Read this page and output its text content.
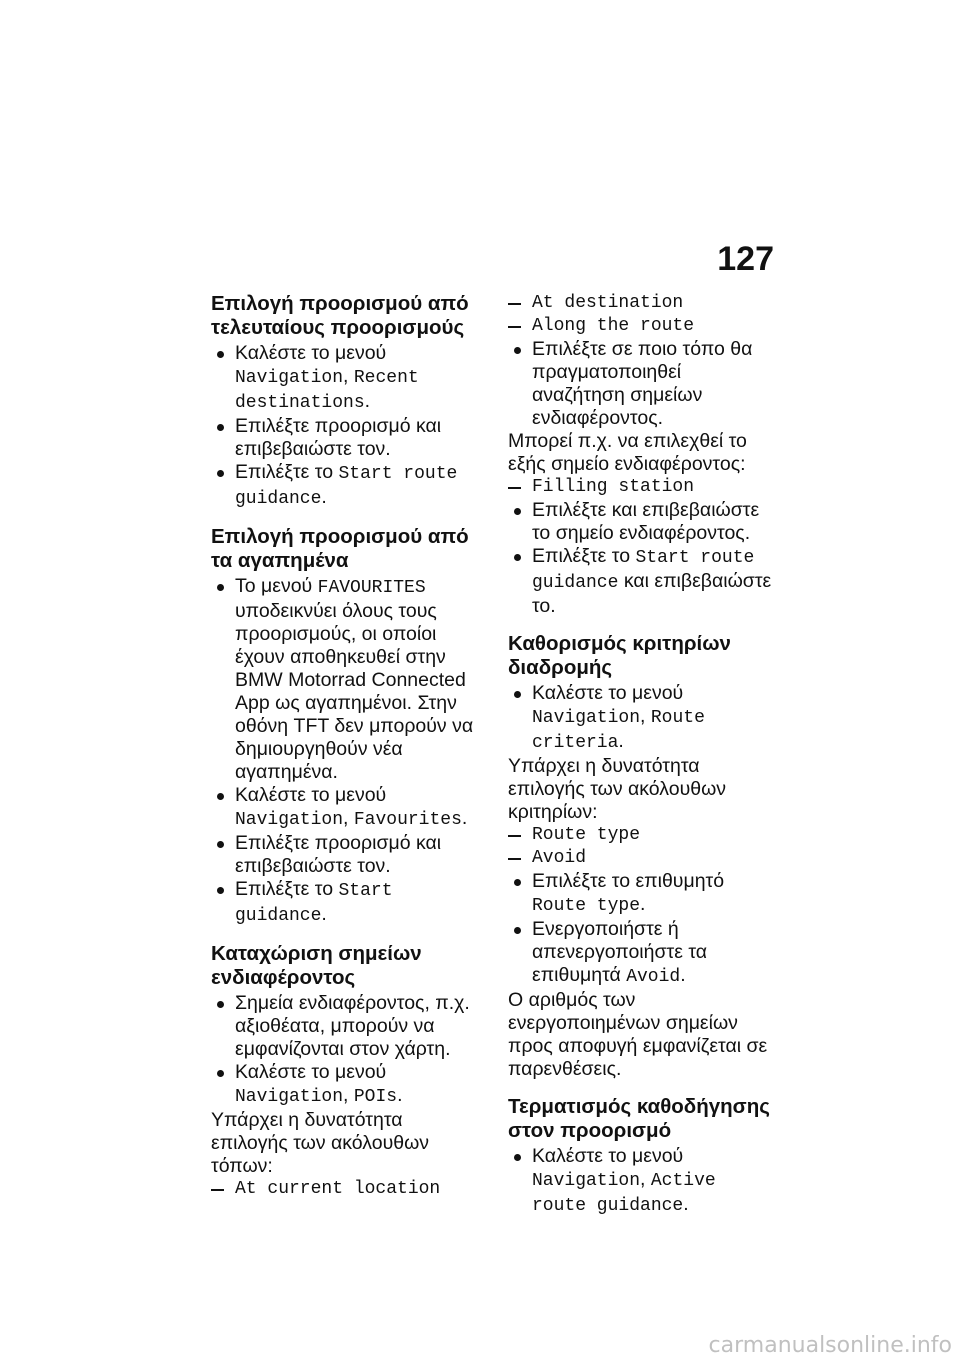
127
Επιλογή προορισμού από τελευταίους προορισμούς
Καλέστε το μενού Navigation, Recent destinations.
Επιλέξτε προορισμό και επιβεβαιώστε τον.
Επιλέξτε το Start route guidance.
Επιλογή προορισμού από τα αγαπημένα
Το μενού FAVOURITES υποδεικνύει όλους τους προορισμούς, οι οποίοι έχουν αποθηκευθεί στην BMW Motorrad Connected App ως αγαπημένοι. Στην οθόνη TFT δεν μπορούν να δημιουργηθούν νέα αγαπημένα.
Καλέστε το μενού Navigation, Favourites.
Επιλέξτε προορισμό και επιβεβαιώστε τον.
Επιλέξτε το Start guidance.
Καταχώριση σημείων ενδιαφέροντος
Σημεία ενδιαφέροντος, π.χ. αξιοθέατα, μπορούν να εμφανίζονται στον χάρτη.
Καλέστε το μενού Navigation, POIs.
Υπάρχει η δυνατότητα επιλογής των ακόλουθων τόπων:
At current location
At destination
Along the route
Επιλέξτε σε ποιο τόπο θα πραγματοποιηθεί αναζήτηση σημείων ενδιαφέροντος.
Μπορεί π.χ. να επιλεχθεί το εξής σημείο ενδιαφέροντος:
Filling station
Επιλέξτε και επιβεβαιώστε το σημείο ενδιαφέροντος.
Επιλέξτε το Start route guidance και επιβεβαιώστε το.
Καθορισμός κριτηρίων διαδρομής
Καλέστε το μενού Navigation, Route criteria.
Υπάρχει η δυνατότητα επιλογής των ακόλουθων κριτηρίων:
Route type
Avoid
Επιλέξτε το επιθυμητό Route type.
Ενεργοποιήστε ή απενεργοποιήστε τα επιθυμητά Avoid.
Ο αριθμός των ενεργοποιημένων σημείων προς αποφυγή εμφανίζεται σε παρενθέσεις.
Τερματισμός καθοδήγησης στον προορισμό
Καλέστε το μενού Navigation, Active route guidance.
carmanualsonline.info
